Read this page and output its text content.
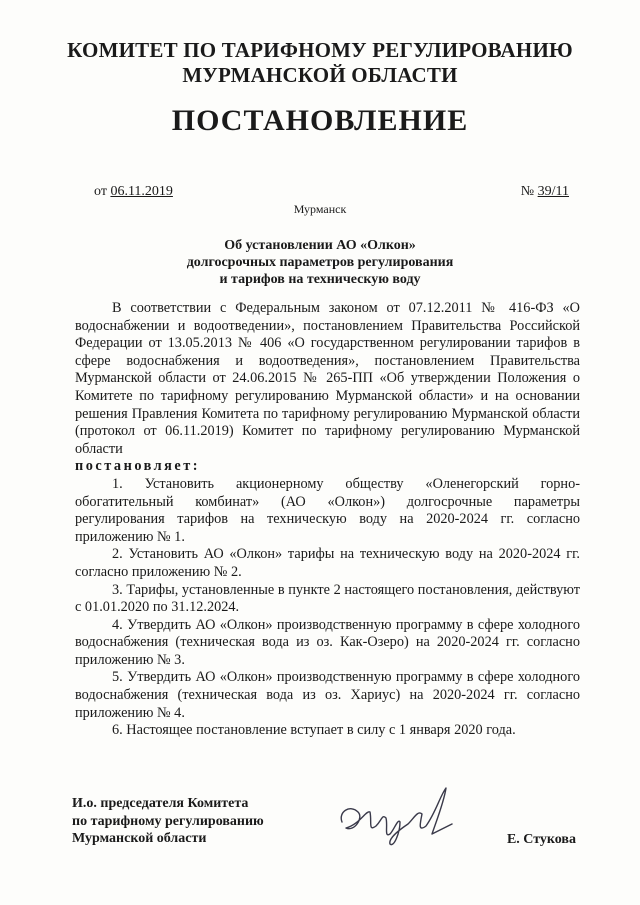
КОМИТЕТ ПО ТАРИФНОМУ РЕГУЛИРОВАНИЮ
МУРМАНСКОЙ ОБЛАСТИ
ПОСТАНОВЛЕНИЕ
от 06.11.2019	№ 39/11
Мурманск
Об установлении АО «Олкон»
долгосрочных параметров регулирования
и тарифов на техническую воду

В соответствии с Федеральным законом от 07.12.2011 № 416-ФЗ «О водоснабжении и водоотведении», постановлением Правительства Российской Федерации от 13.05.2013 № 406 «О государственном регулировании тарифов в сфере водоснабжения и водоотведения», постановлением Правительства Мурманской области от 24.06.2015 № 265-ПП «Об утверждении Положения о Комитете по тарифному регулированию Мурманской области» и на основании решения Правления Комитета по тарифному регулированию Мурманской области (протокол от 06.11.2019) Комитет по тарифному регулированию Мурманской области

постановляет:

1. Установить акционерному обществу «Оленегорский горно-обогатительный комбинат» (АО «Олкон») долгосрочные параметры регулирования тарифов на техническую воду на 2020-2024 гг. согласно приложению № 1.

2. Установить АО «Олкон» тарифы на техническую воду на 2020-2024 гг. согласно приложению № 2.

3. Тарифы, установленные в пункте 2 настоящего постановления, действуют с 01.01.2020 по 31.12.2024.

4. Утвердить АО «Олкон» производственную программу в сфере холодного водоснабжения (техническая вода из оз. Как-Озеро) на 2020-2024 гг. согласно приложению № 3.

5. Утвердить АО «Олкон» производственную программу в сфере холодного водоснабжения (техническая вода из оз. Хариус) на 2020-2024 гг. согласно приложению № 4.

6. Настоящее постановление вступает в силу с 1 января 2020 года.

И.о. председателя Комитета
по тарифному регулированию
Мурманской области	Е. Стукова
